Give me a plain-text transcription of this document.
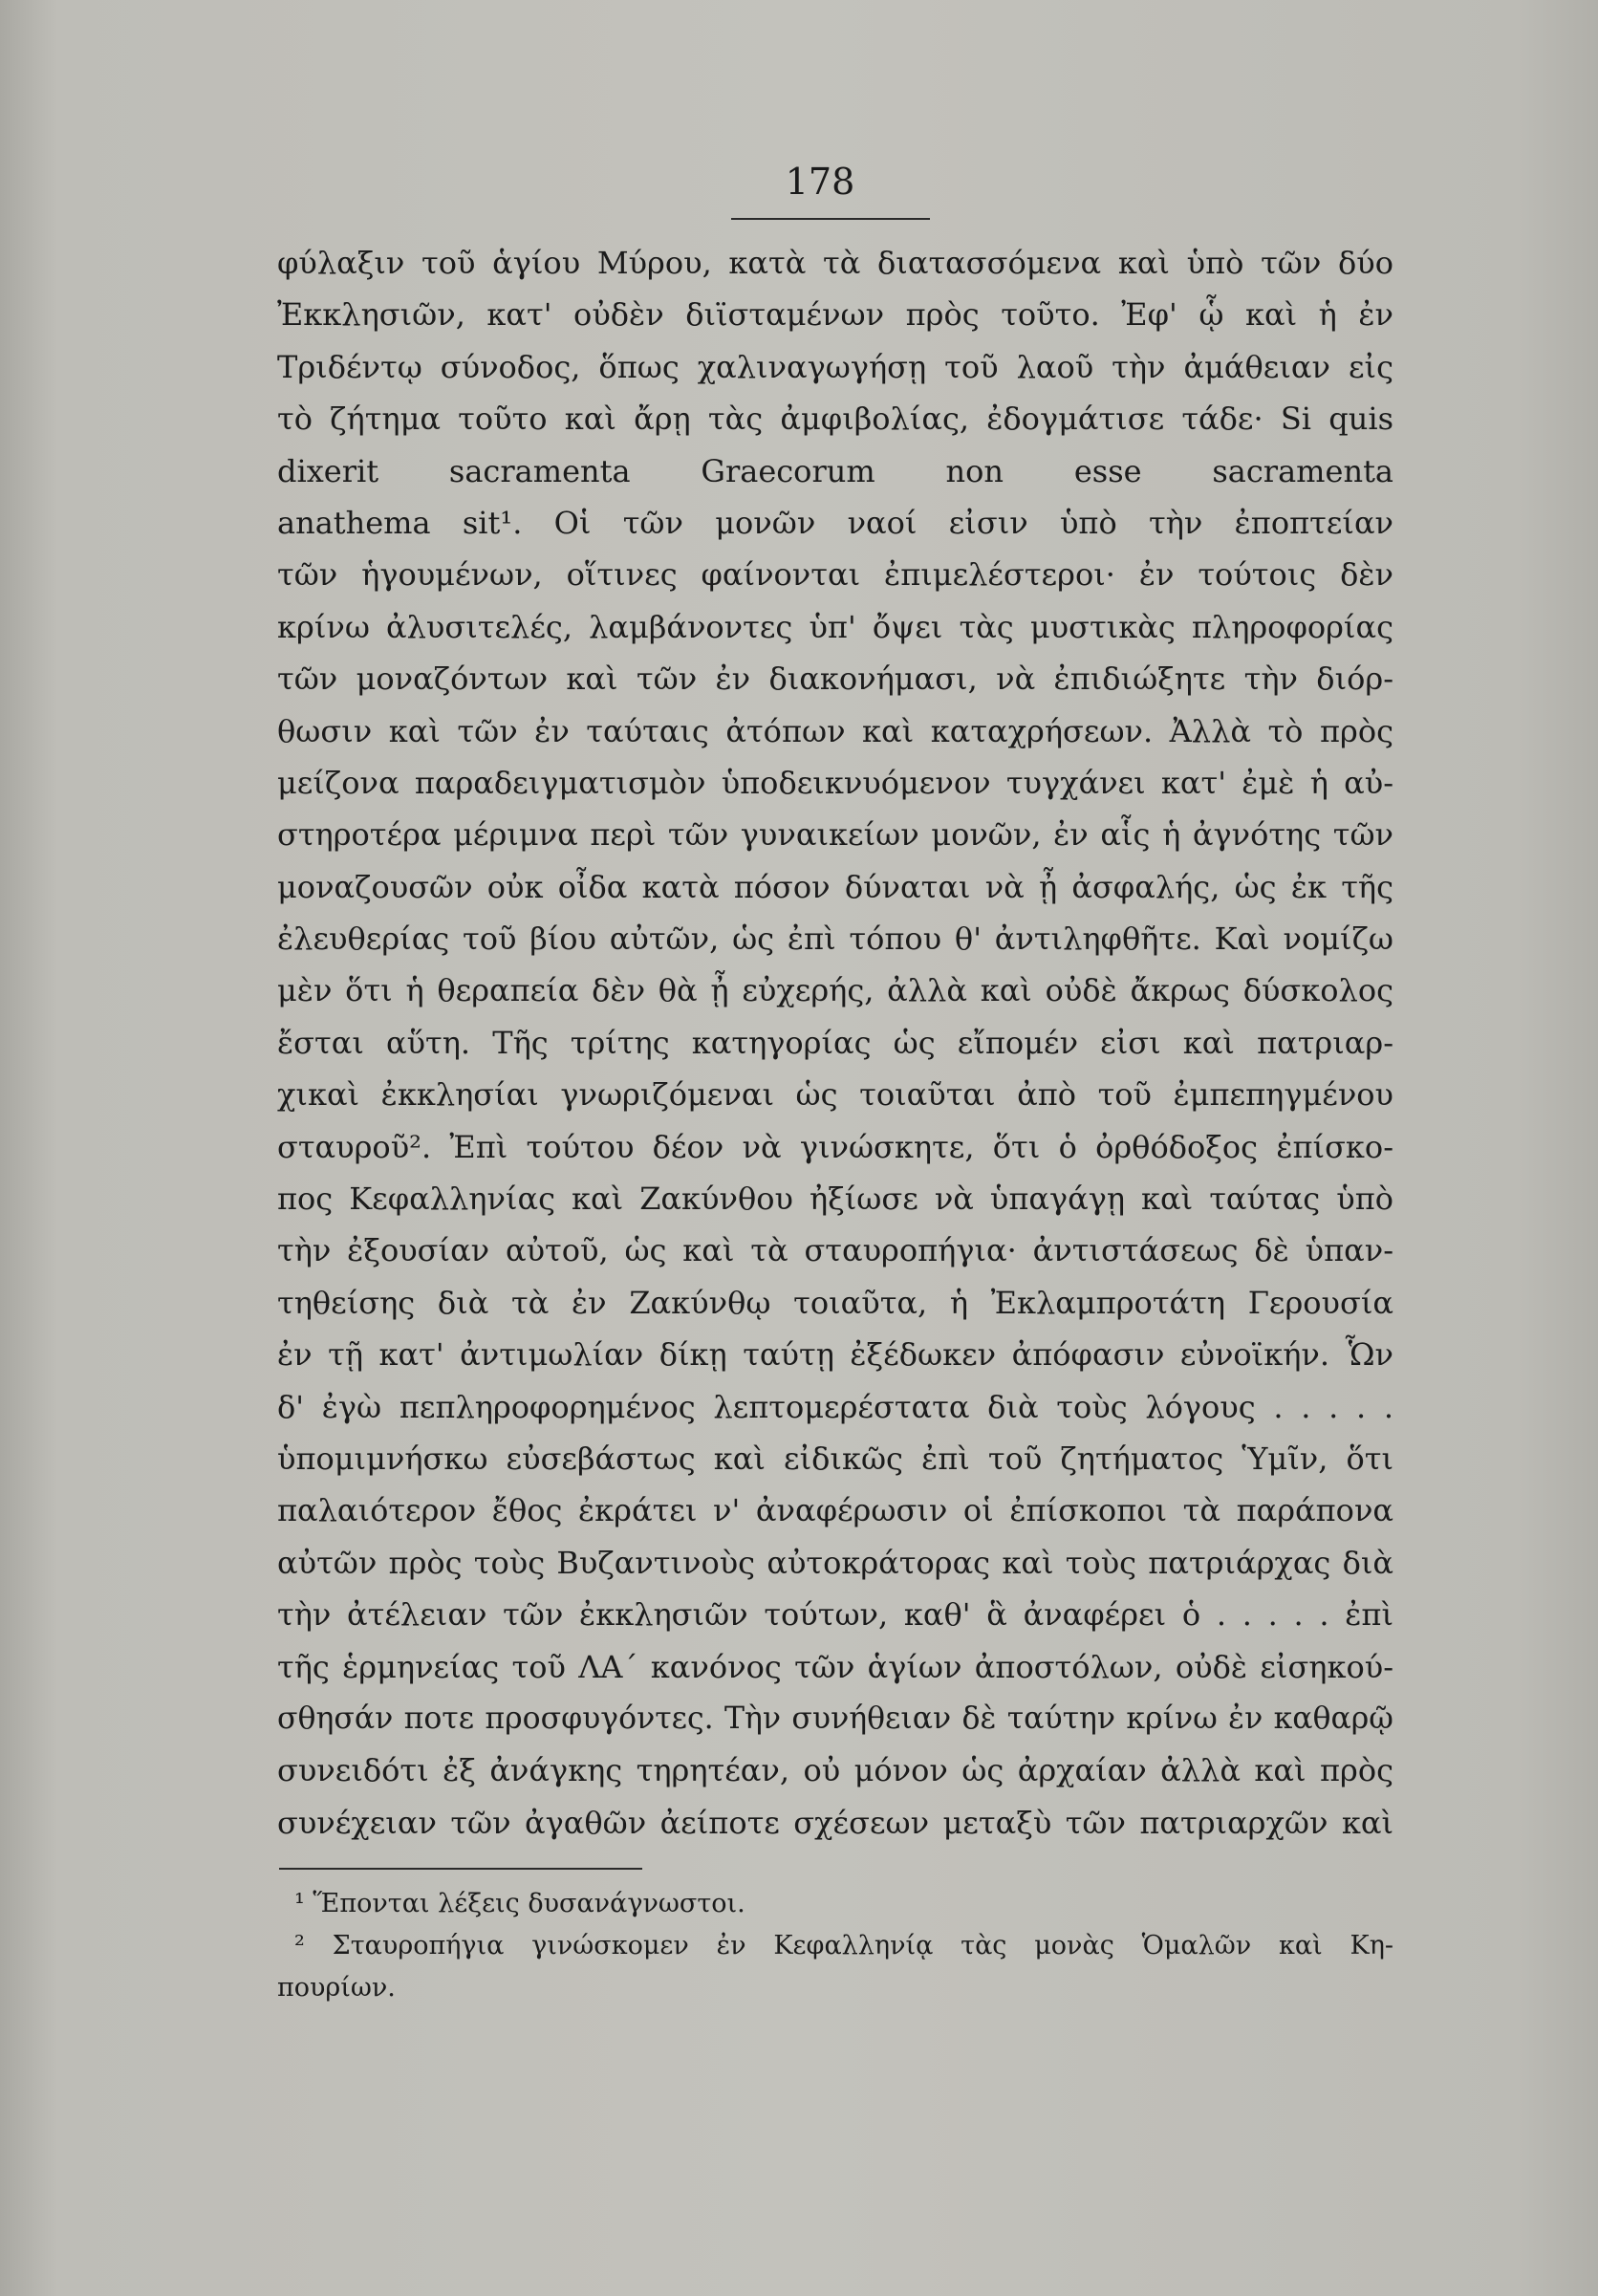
178
φύλαξιν τοῦ ἁγίου Μύρου, κατὰ τὰ διατασσόμενα καὶ ὑπὸ τῶν δύο
Ἐκκλησιῶν, κατ' οὐδὲν διϊσταμένων πρὸς τοῦτο. Ἐφ' ᾧ καὶ ἡ ἐν
Τριδέντῳ σύνοδος, ὅπως χαλιναγωγήσῃ τοῦ λαοῦ τὴν ἀμάθειαν εἰς
τὸ ζήτημα τοῦτο καὶ ἄρῃ τὰς ἀμφιβολίας, ἐδογμάτισε τάδε· Si quis
dixerit sacramenta Graecorum non esse sacramenta
anathema sit¹. Οἱ τῶν μονῶν ναοί εἰσιν ὑπὸ τὴν ἐποπτείαν
τῶν ἡγουμένων, οἵτινες φαίνονται ἐπιμελέστεροι· ἐν τούτοις δὲν
κρίνω ἀλυσιτελές, λαμβάνοντες ὑπ' ὄψει τὰς μυστικὰς πληροφορίας
τῶν μοναζόντων καὶ τῶν ἐν διακονήμασι, νὰ ἐπιδιώξητε τὴν διόρ-
θωσιν καὶ τῶν ἐν ταύταις ἀτόπων καὶ καταχρήσεων. Ἀλλὰ τὸ πρὸς
μείζονα παραδειγματισμὸν ὑποδεικνυόμενον τυγχάνει κατ' ἐμὲ ἡ αὐ-
στηροτέρα μέριμνα περὶ τῶν γυναικείων μονῶν, ἐν αἷς ἡ ἀγνότης τῶν
μοναζουσῶν οὐκ οἶδα κατὰ πόσον δύναται νὰ ᾖ ἀσφαλής, ὡς ἐκ τῆς
ἐλευθερίας τοῦ βίου αὐτῶν, ὡς ἐπὶ τόπου θ' ἀντιληφθῆτε. Καὶ νομίζω
μὲν ὅτι ἡ θεραπεία δὲν θὰ ᾖ εὐχερής, ἀλλὰ καὶ οὐδὲ ἄκρως δύσκολος
ἔσται αὕτη. Τῆς τρίτης κατηγορίας ὡς εἴπομέν εἰσι καὶ πατριαρ-
χικαὶ ἐκκλησίαι γνωριζόμεναι ὡς τοιαῦται ἀπὸ τοῦ ἐμπεπηγμένου
σταυροῦ². Ἐπὶ τούτου δέον νὰ γινώσκητε, ὅτι ὁ ὀρθόδοξος ἐπίσκο-
πος Κεφαλληνίας καὶ Ζακύνθου ἠξίωσε νὰ ὑπαγάγῃ καὶ ταύτας ὑπὸ
τὴν ἐξουσίαν αὐτοῦ, ὡς καὶ τὰ σταυροπήγια· ἀντιστάσεως δὲ ὑπαν-
τηθείσης διὰ τὰ ἐν Ζακύνθῳ τοιαῦτα, ἡ Ἐκλαμπροτάτη Γερουσία
ἐν τῇ κατ' ἀντιμωλίαν δίκῃ ταύτῃ ἐξέδωκεν ἀπόφασιν εὐνοϊκήν. Ὧν
δ' ἐγὼ πεπληροφορημένος λεπτομερέστατα διὰ τοὺς λόγους . . . . .
ὑπομιμνήσκω εὐσεβάστως καὶ εἰδικῶς ἐπὶ τοῦ ζητήματος Ὑμῖν, ὅτι
παλαιότερον ἔθος ἐκράτει ν' ἀναφέρωσιν οἱ ἐπίσκοποι τὰ παράπονα
αὐτῶν πρὸς τοὺς Βυζαντινοὺς αὐτοκράτορας καὶ τοὺς πατριάρχας διὰ
τὴν ἀτέλειαν τῶν ἐκκλησιῶν τούτων, καθ' ἃ ἀναφέρει ὁ . . . . . ἐπὶ
τῆς ἑρμηνείας τοῦ ΛΑ΄ κανόνος τῶν ἁγίων ἀποστόλων, οὐδὲ εἰσηκού-
σθησάν ποτε προσφυγόντες. Τὴν συνήθειαν δὲ ταύτην κρίνω ἐν καθαρῷ
συνειδότι ἐξ ἀνάγκης τηρητέαν, οὐ μόνον ὡς ἀρχαίαν ἀλλὰ καὶ πρὸς
συνέχειαν τῶν ἀγαθῶν ἀείποτε σχέσεων μεταξὺ τῶν πατριαρχῶν καὶ
¹ Ἕπονται λέξεις δυσανάγνωστοι.
² Σταυροπήγια γινώσκομεν ἐν Κεφαλληνίᾳ τὰς μονὰς Ὁμαλῶν καὶ Κη-
πουρίων.
